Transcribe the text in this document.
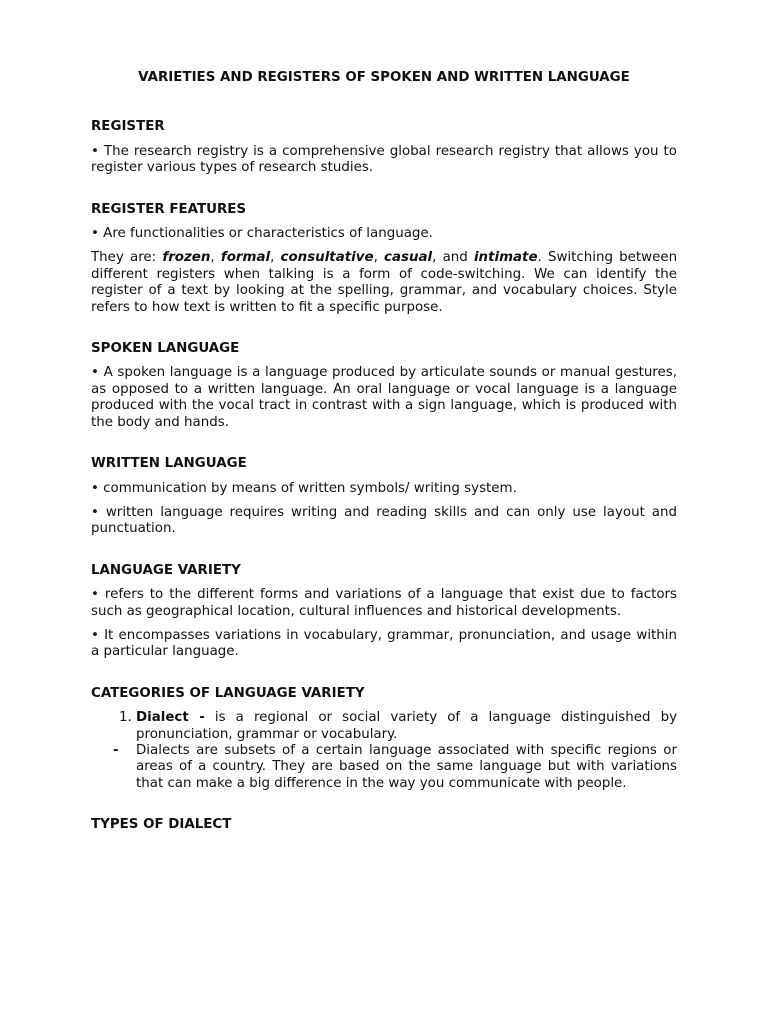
VARIETIES AND REGISTERS OF SPOKEN AND WRITTEN LANGUAGE
REGISTER

• The research registry is a comprehensive global research registry that allows you to register various types of research studies.

REGISTER FEATURES

• Are functionalities or characteristics of language.

They are: frozen, formal, consultative, casual, and intimate. Switching between different registers when talking is a form of code-switching. We can identify the register of a text by looking at the spelling, grammar, and vocabulary choices. Style refers to how text is written to fit a specific purpose.

SPOKEN LANGUAGE

• A spoken language is a language produced by articulate sounds or manual gestures, as opposed to a written language. An oral language or vocal language is a language produced with the vocal tract in contrast with a sign language, which is produced with the body and hands.

WRITTEN LANGUAGE

• communication by means of written symbols/ writing system.

• written language requires writing and reading skills and can only use layout and punctuation.

LANGUAGE VARIETY

• refers to the different forms and variations of a language that exist due to factors such as geographical location, cultural influences and historical developments.

• It encompasses variations in vocabulary, grammar, pronunciation, and usage within a particular language.

CATEGORIES OF LANGUAGE VARIETY
1. Dialect - is a regional or social variety of a language distinguished by pronunciation, grammar or vocabulary.
- Dialects are subsets of a certain language associated with specific regions or areas of a country. They are based on the same language but with variations that can make a big difference in the way you communicate with people.
TYPES OF DIALECT
